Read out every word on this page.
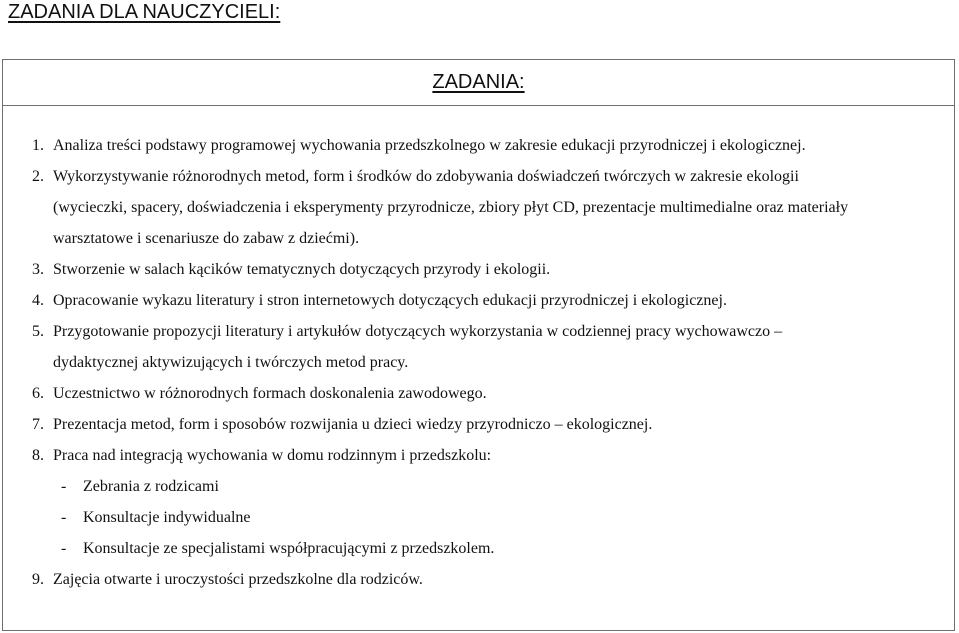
ZADANIA DLA NAUCZYCIELI:
ZADANIA:
1. Analiza treści podstawy programowej wychowania przedszkolnego w zakresie edukacji przyrodniczej i ekologicznej.
2. Wykorzystywanie różnorodnych metod, form i środków do zdobywania doświadczeń twórczych w zakresie ekologii
(wycieczki, spacery, doświadczenia i eksperymenty przyrodnicze, zbiory płyt CD, prezentacje multimedialne oraz materiały
warsztatowe i scenariusze do zabaw z dziećmi).
3. Stworzenie w salach kącików tematycznych dotyczących przyrody i ekologii.
4. Opracowanie wykazu literatury i stron internetowych dotyczących edukacji przyrodniczej i ekologicznej.
5. Przygotowanie propozycji literatury i artykułów dotyczących wykorzystania w codziennej pracy wychowawczo –
dydaktycznej aktywizujących i twórczych metod pracy.
6. Uczestnictwo w różnorodnych formach doskonalenia zawodowego.
7. Prezentacja metod, form i sposobów rozwijania u dzieci wiedzy przyrodniczo – ekologicznej.
8. Praca nad integracją wychowania w domu rodzinnym i przedszkolu:
- Zebrania z rodzicami
- Konsultacje indywidualne
- Konsultacje ze specjalistami współpracującymi z przedszkolem.
9. Zajęcia otwarte i uroczystości przedszkolne dla rodziców.
